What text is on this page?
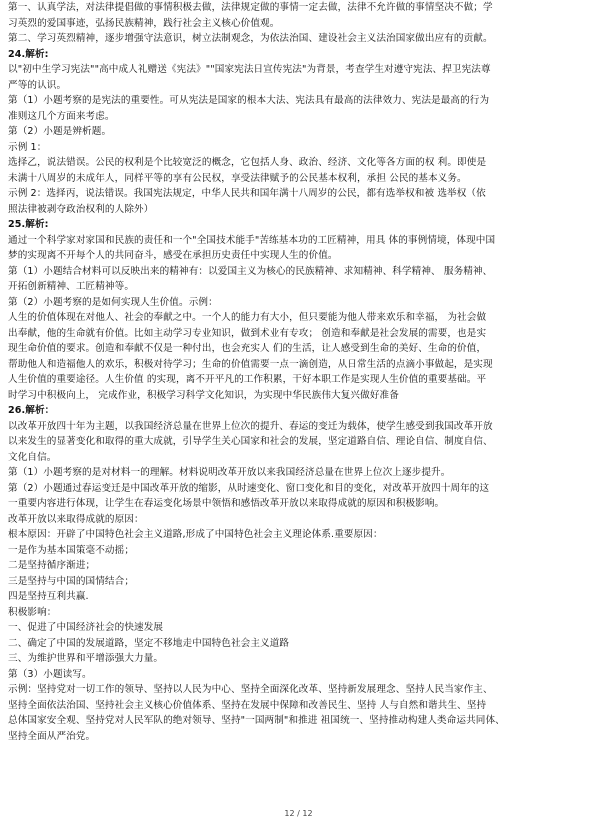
第一、认真学法，对法律提倡做的事情积极去做，法律规定做的事情一定去做，法律不允许做的事情坚决不做；学
习英烈的爱国事迹，弘扬民族精神，践行社会主义核心价值观。
第二、学习英烈精神，逐步增强守法意识，树立法制观念，为依法治国、建设社会主义法治国家做出应有的贡献。
24.解析:
以"初中生学习宪法""高中成人礼赠送《宪法》""国家宪法日宣传宪法"为背景，考查学生对遵守宪法、捍卫宪法尊
严等的认识。
第（1）小题考察的是宪法的重要性。可从宪法是国家的根本大法、宪法具有最高的法律效力、宪法是最高的行为
准则这几个方面来考虑。
第（2）小题是辨析题。
示例 1：
选择乙，说法错误。公民的权利是个比较宽泛的概念，它包括人身、政治、经济、文化等各方面的权 利。即使是
未满十八周岁的未成年人，同样平等的享有公民权，享受法律赋予的公民基本权利，承担 公民的基本义务。
示例 2：选择丙，说法错误。我国宪法规定，中华人民共和国年满十八周岁的公民，都有选举权和被 选举权（依
照法律被剥夺政治权利的人除外）
25.解析:
通过一个科学家对家国和民族的责任和一个"全国技术能手"苦练基本功的工匠精神，用具 体的事例情境，体现中国
梦的实现离不开每个人的共同奋斗，感受在承担历史责任中实现人生的价值。
第（1）小题结合材料可以反映出来的精神有：以爱国主义为核心的民族精神、求知精神、科学精神、 服务精神、
开拓创新精神、工匠精神等。
第（2）小题考察的是如何实现人生价值。示例：
人生的价值体现在对他人、社会的奉献之中。一个人的能力有大小，但只要能为他人带来欢乐和幸福， 为社会做
出奉献，他的生命就有价值。比如主动学习专业知识，做到术业有专攻； 创造和奉献是社会发展的需要，也是实
现生命价值的要求。创造和奉献不仅是一种付出，也会充实人 们的生活，让人感受到生命的美好、生命的价值，
帮助他人和造福他人的欢乐，积极对待学习；生命的价值需要一点一滴创造，从日常生活的点滴小事做起，是实现
人生价值的重要途径。人生价值 的实现，离不开平凡的工作积累，干好本职工作是实现人生价值的重要基础。平
时学习中积极向上， 完成作业，积极学习科学文化知识，为实现中华民族伟大复兴做好准备
26.解析：
以改革开放四十年为主题，以我国经济总量在世界上位次的提升、春运的变迁为载体，使学生感受到我国改革开放
以来发生的显著变化和取得的重大成就，引导学生关心国家和社会的发展，坚定道路自信、理论自信、制度自信、
文化自信。
第（1）小题考察的是对材料一的理解。材料说明改革开放以来我国经济总量在世界上位次上逐步提升。
第（2）小题通过春运变迁是中国改革开放的缩影，从时速变化、窗口变化和目的变化，对改革开放四十周年的这
一重要内容进行体现，让学生在春运变化场景中领悟和感悟改革开放以来取得成就的原因和积极影响。
改革开放以来取得成就的原因：
根本原因：开辟了中国特色社会主义道路,形成了中国特色社会主义理论体系.重要原因：
一是作为基本国策毫不动摇；
二是坚持循序渐进；
三是坚持与中国的国情结合；
四是坚持互利共赢.
积极影响：
一、促进了中国经济社会的快速发展
二、确定了中国的发展道路，坚定不移地走中国特色社会主义道路
三、为维护世界和平增添强大力量。
第（3）小题读写。
示例：坚持党对一切工作的领导、坚持以人民为中心、坚持全面深化改革、坚持新发展理念、坚持人民当家作主、
坚持全面依法治国、坚持社会主义核心价值体系、坚持在发展中保障和改善民生、坚持 人与自然和谐共生、坚持
总体国家安全观、坚持党对人民军队的绝对领导、坚持"一国两制"和推进 祖国统一、坚持推动构建人类命运共同体、
坚持全面从严治党。
12 / 12
